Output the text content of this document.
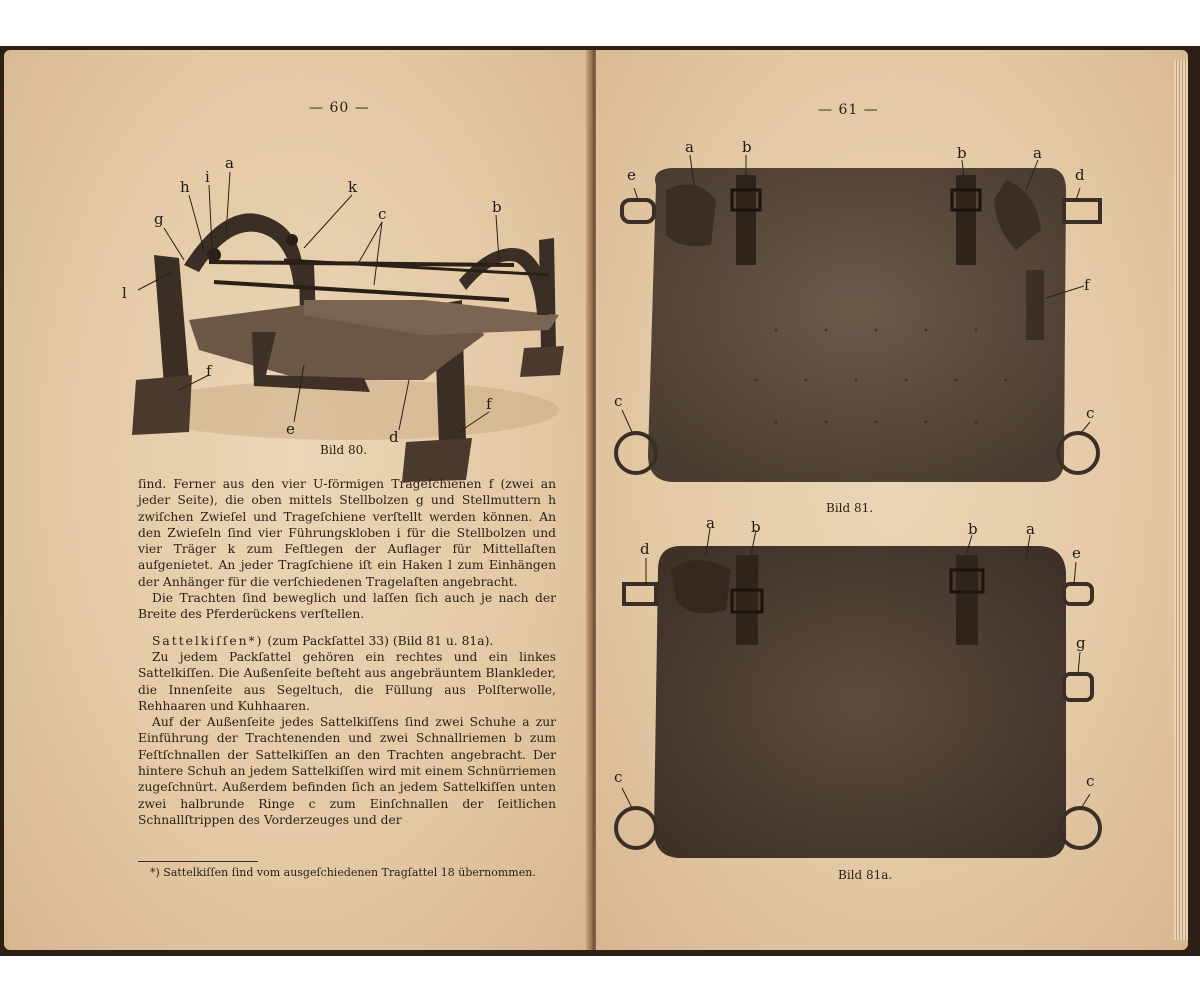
— 60 —
a
h
i
k
c	b
g
l
f
e	d
f
Bild 80.

ſind. Ferner aus den vier U‑förmigen Trageſchienen f (zwei an jeder Seite), die oben mittels Stellbolzen g und Stellmuttern h zwiſchen Zwieſel und Trageſchiene verſtellt werden können. An den Zwieſeln ſind vier Führungskloben i für die Stellbolzen und vier Träger k zum Feſtlegen der Auflager für Mittellaſten aufgenietet. An jeder Tragſchiene iſt ein Haken l zum Einhängen der Anhänger für die verſchiedenen Tragelaſten angebracht.

Die Trachten ſind beweglich und laſſen ſich auch je nach der Breite des Pferderückens verſtellen.

Sattelkiſſen*) (zum Packſattel 33) (Bild 81 u. 81a).

Zu jedem Packſattel gehören ein rechtes und ein linkes Sattelkiſſen. Die Außenſeite beſteht aus angebräuntem Blankleder, die Innenſeite aus Segeltuch, die Füllung aus Polſterwolle, Rehhaaren und Kuhhaaren.

Auf der Außenſeite jedes Sattelkiſſens ſind zwei Schuhe a zur Einführung der Trachtenenden und zwei Schnallriemen b zum Feſtſchnallen der Sattelkiſſen an den Trachten angebracht. Der hintere Schuh an jedem Sattelkiſſen wird mit einem Schnürriemen zugeſchnürt. Außerdem befinden ſich an jedem Sattelkiſſen unten zwei halbrunde Ringe c zum Einſchnallen der ſeitlichen Schnallſtrippen des Vorderzeuges und der

*) Sattelkiſſen ſind vom ausgeſchiedenen Tragſattel 18 übernommen.
— 61 —
a	b	b	a
e	d
f
c
c
Bild 81.
a b	b	a
d	e
g
c	c
Bild 81a.
